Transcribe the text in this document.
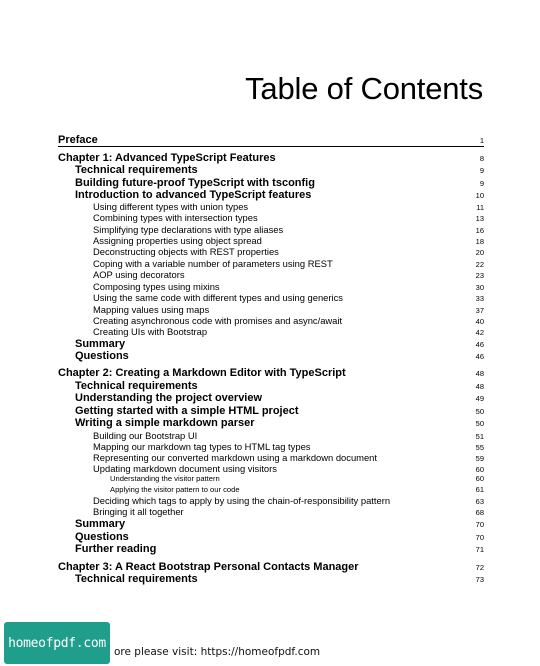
Table of Contents
Preface	1
Chapter 1: Advanced TypeScript Features	8
Technical requirements	9
Building future-proof TypeScript with tsconfig	9
Introduction to advanced TypeScript features	10
Using different types with union types	11
Combining types with intersection types	13
Simplifying type declarations with type aliases	16
Assigning properties using object spread	18
Deconstructing objects with REST properties	20
Coping with a variable number of parameters using REST	22
AOP using decorators	23
Composing types using mixins	30
Using the same code with different types and using generics	33
Mapping values using maps	37
Creating asynchronous code with promises and async/await	40
Creating UIs with Bootstrap	42
Summary	46
Questions	46
Chapter 2: Creating a Markdown Editor with TypeScript	48
Technical requirements	48
Understanding the project overview	49
Getting started with a simple HTML project	50
Writing a simple markdown parser	50
Building our Bootstrap UI	51
Mapping our markdown tag types to HTML tag types	55
Representing our converted markdown using a markdown document	59
Updating markdown document using visitors	60
Understanding the visitor pattern	60
Applying the visitor pattern to our code	61
Deciding which tags to apply by using the chain-of-responsibility pattern	63
Bringing it all together	68
Summary	70
Questions	70
Further reading	71
Chapter 3: A React Bootstrap Personal Contacts Manager	72
Technical requirements	73
homeofpdf.com
ore please visit: https://homeofpdf.com
